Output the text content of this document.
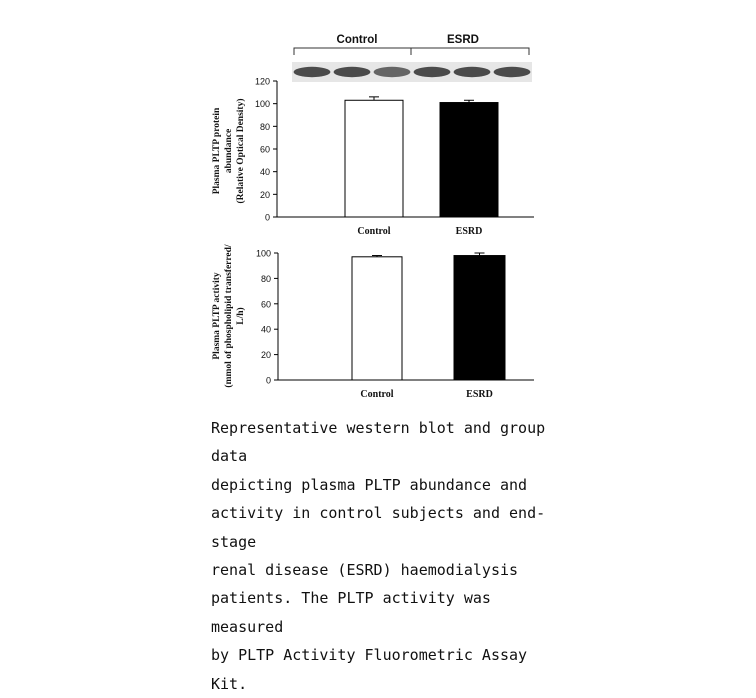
Control	ESRD
Plasma PLTP protein abundance (Relative Optical Density)
0
20
40
60
80
100
120
Control	ESRD
Plasma PLTP activity (mmol of phospholipid transferred/ L/h)
0
20
40
60
80
100
Control	ESRD

Representative western blot and group data
depicting plasma PLTP abundance and
activity in control subjects and end-stage
renal disease (ESRD) haemodialysis
patients. The PLTP activity was measured
by PLTP Activity Fluorometric Assay Kit.
